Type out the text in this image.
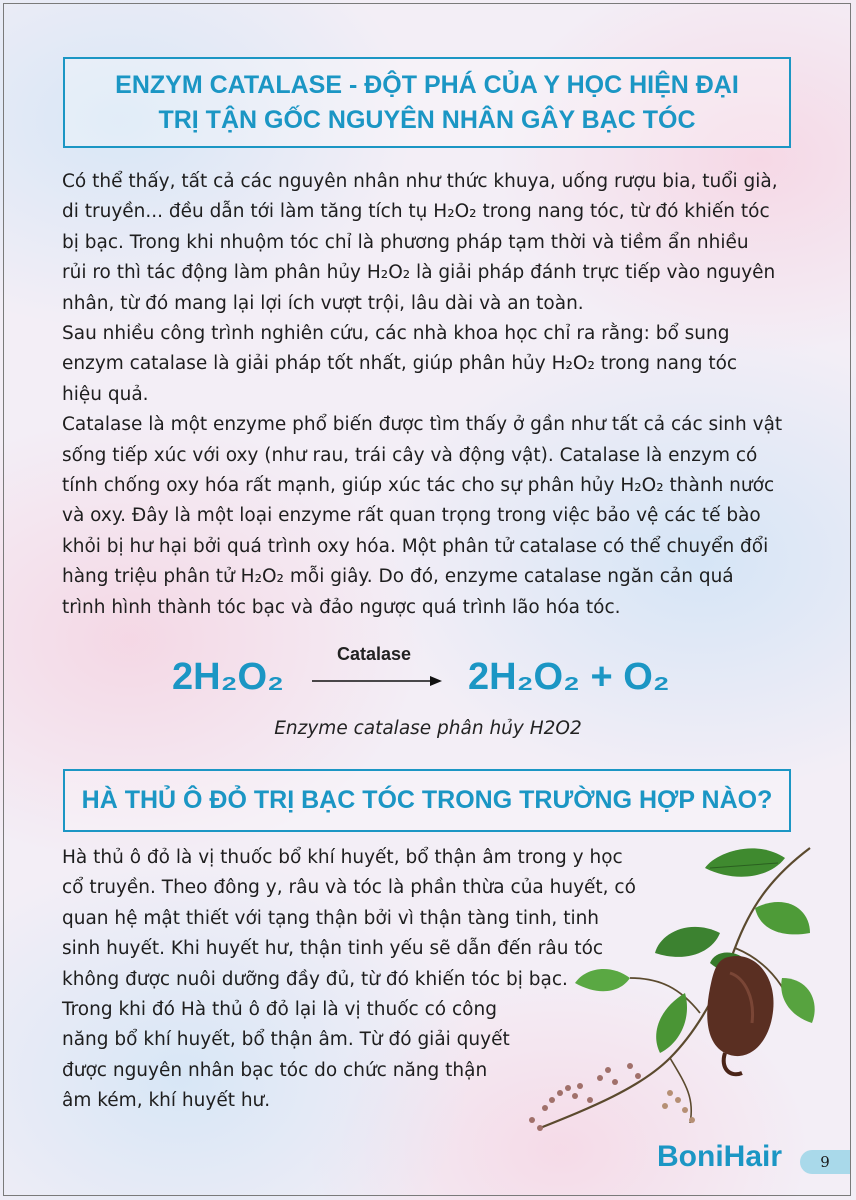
ENZYM CATALASE - ĐỘT PHÁ CỦA Y HỌC HIỆN ĐẠI
TRỊ TẬN GỐC NGUYÊN NHÂN GÂY BẠC TÓC
Có thể thấy, tất cả các nguyên nhân như thức khuya, uống rượu bia, tuổi già,
di truyền... đều dẫn tới làm tăng tích tụ H₂O₂ trong nang tóc, từ đó khiến tóc
bị bạc. Trong khi nhuộm tóc chỉ là phương pháp tạm thời và tiềm ẩn nhiều
rủi ro thì tác động làm phân hủy H₂O₂ là giải pháp đánh trực tiếp vào nguyên
nhân, từ đó mang lại lợi ích vượt trội, lâu dài và an toàn.
Sau nhiều công trình nghiên cứu, các nhà khoa học chỉ ra rằng: bổ sung
enzym catalase là giải pháp tốt nhất, giúp phân hủy H₂O₂ trong nang tóc
hiệu quả.
Catalase là một enzyme phổ biến được tìm thấy ở gần như tất cả các sinh vật
sống tiếp xúc với oxy (như rau, trái cây và động vật). Catalase là enzym có
tính chống oxy hóa rất mạnh, giúp xúc tác cho sự phân hủy H₂O₂ thành nước
và oxy. Đây là một loại enzyme rất quan trọng trong việc bảo vệ các tế bào
khỏi bị hư hại bởi quá trình oxy hóa. Một phân tử catalase có thể chuyển đổi
hàng triệu phân tử H₂O₂ mỗi giây. Do đó, enzyme catalase ngăn cản quá
trình hình thành tóc bạc và đảo ngược quá trình lão hóa tóc.
2H₂O₂
Catalase
2H₂O₂ + O₂
Enzyme catalase phân hủy H2O2
HÀ THỦ Ô ĐỎ TRỊ BẠC TÓC TRONG TRƯỜNG HỢP NÀO?
Hà thủ ô đỏ là vị thuốc bổ khí huyết, bổ thận âm trong y học
cổ truyền. Theo đông y, râu và tóc là phần thừa của huyết, có
quan hệ mật thiết với tạng thận bởi vì thận tàng tinh, tinh
sinh huyết. Khi huyết hư, thận tinh yếu sẽ dẫn đến râu tóc
không được nuôi dưỡng đầy đủ, từ đó khiến tóc bị bạc.
Trong khi đó Hà thủ ô đỏ lại là vị thuốc có công
năng bổ khí huyết, bổ thận âm. Từ đó giải quyết
được nguyên nhân bạc tóc do chức năng thận
âm kém, khí huyết hư.
BoniHair	9
